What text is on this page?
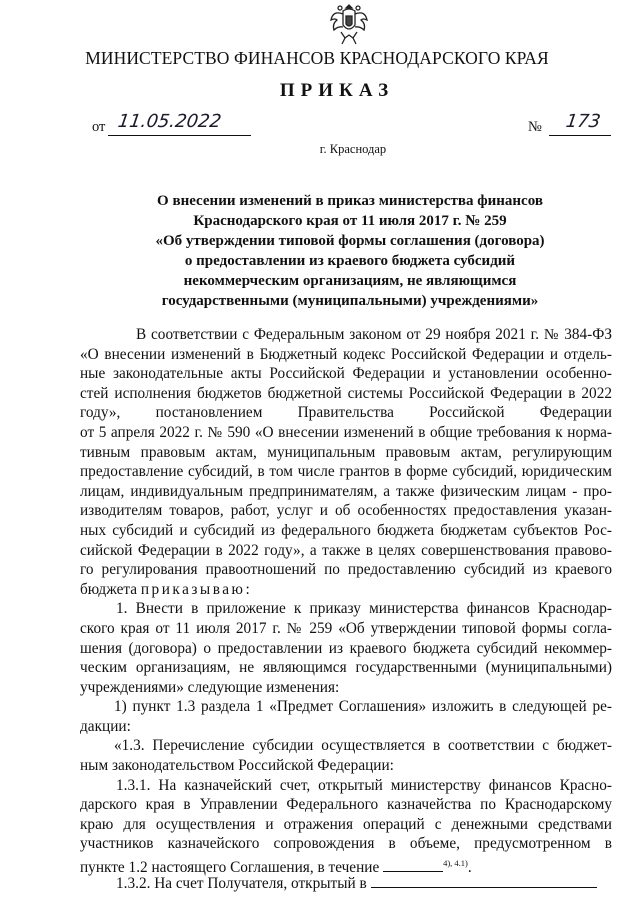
МИНИСТЕРСТВО ФИНАНСОВ КРАСНОДАРСКОГО КРАЯ
ПРИКАЗ
от 11.05.2022	№ 173
г. Краснодар
О внесении изменений в приказ министерства финансов
Краснодарского края от 11 июля 2017 г. № 259
«Об утверждении типовой формы соглашения (договора)
о предоставлении из краевого бюджета субсидий
некоммерческим организациям, не являющимся
государственными (муниципальными) учреждениями»
В соответствии с Федеральным законом от 29 ноября 2021 г. № 384-ФЗ
«О внесении изменений в Бюджетный кодекс Российской Федерации и отдель-
ные законодательные акты Российской Федерации и установлении особенно-
стей исполнения бюджетов бюджетной системы Российской Федерации в 2022
году», постановлением Правительства Российской Федерации
от 5 апреля 2022 г. № 590 «О внесении изменений в общие требования к норма-
тивным правовым актам, муниципальным правовым актам, регулирующим
предоставление субсидий, в том числе грантов в форме субсидий, юридическим
лицам, индивидуальным предпринимателям, а также физическим лицам - про-
изводителям товаров, работ, услуг и об особенностях предоставления указан-
ных субсидий и субсидий из федерального бюджета бюджетам субъектов Рос-
сийской Федерации в 2022 году», а также в целях совершенствования правово-
го регулирования правоотношений по предоставлению субсидий из краевого
бюджета приказываю:
1. Внести в приложение к приказу министерства финансов Краснодар-
ского края от 11 июля 2017 г. № 259 «Об утверждении типовой формы согла-
шения (договора) о предоставлении из краевого бюджета субсидий некоммер-
ческим организациям, не являющимся государственными (муниципальными)
учреждениями» следующие изменения:
1) пункт 1.3 раздела 1 «Предмет Соглашения» изложить в следующей ре-
дакции:
«1.3. Перечисление субсидии осуществляется в соответствии с бюджет-
ным законодательством Российской Федерации:
1.3.1. На казначейский счет, открытый министерству финансов Красно-
дарского края в Управлении Федерального казначейства по Краснодарскому
краю для осуществления и отражения операций с денежными средствами
участников казначейского сопровождения в объеме, предусмотренном в
пункте 1.2 настоящего Соглашения, в течение	$^{4), 4.1)}$.
1.3.2. На счет Получателя, открытый в
